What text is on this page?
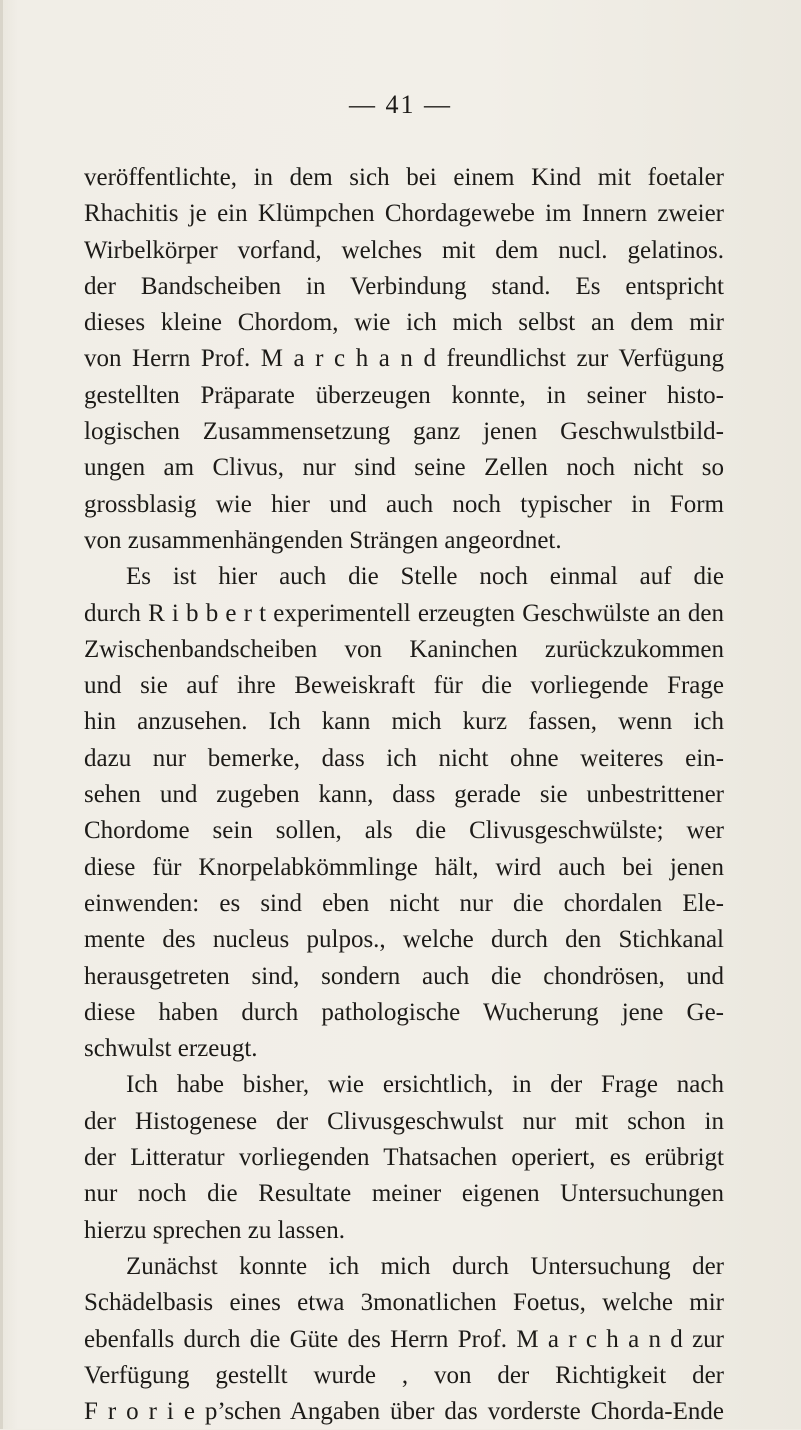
— 41 —
veröffentlichte, in dem sich bei einem Kind mit foetaler
Rhachitis je ein Klümpchen Chordagewebe im Innern zweier
Wirbelkörper vorfand, welches mit dem nucl. gelatinos.
der Bandscheiben in Verbindung stand. Es entspricht
dieses kleine Chordom, wie ich mich selbst an dem mir
von Herrn Prof. M a r c h a n d freundlichst zur Verfügung
gestellten Präparate überzeugen konnte, in seiner histo-
logischen Zusammensetzung ganz jenen Geschwulstbild-
ungen am Clivus, nur sind seine Zellen noch nicht so
grossblasig wie hier und auch noch typischer in Form
von zusammenhängenden Strängen angeordnet.
Es ist hier auch die Stelle noch einmal auf die
durch R i b b e r t experimentell erzeugten Geschwülste an den
Zwischenbandscheiben von Kaninchen zurückzukommen
und sie auf ihre Beweiskraft für die vorliegende Frage
hin anzusehen. Ich kann mich kurz fassen, wenn ich
dazu nur bemerke, dass ich nicht ohne weiteres ein-
sehen und zugeben kann, dass gerade sie unbestrittener
Chordome sein sollen, als die Clivusgeschwülste; wer
diese für Knorpelabkömmlinge hält, wird auch bei jenen
einwenden: es sind eben nicht nur die chordalen Ele-
mente des nucleus pulpos., welche durch den Stichkanal
herausgetreten sind, sondern auch die chondrösen, und
diese haben durch pathologische Wucherung jene Ge-
schwulst erzeugt.
Ich habe bisher, wie ersichtlich, in der Frage nach
der Histogenese der Clivusgeschwulst nur mit schon in
der Litteratur vorliegenden Thatsachen operiert, es erübrigt
nur noch die Resultate meiner eigenen Untersuchungen
hierzu sprechen zu lassen.
Zunächst konnte ich mich durch Untersuchung der
Schädelbasis eines etwa 3monatlichen Foetus, welche mir
ebenfalls durch die Güte des Herrn Prof. M a r c h a n d zur
Verfügung gestellt wurde , von der Richtigkeit der
F r o r i e p’schen Angaben über das vorderste Chorda-Ende
